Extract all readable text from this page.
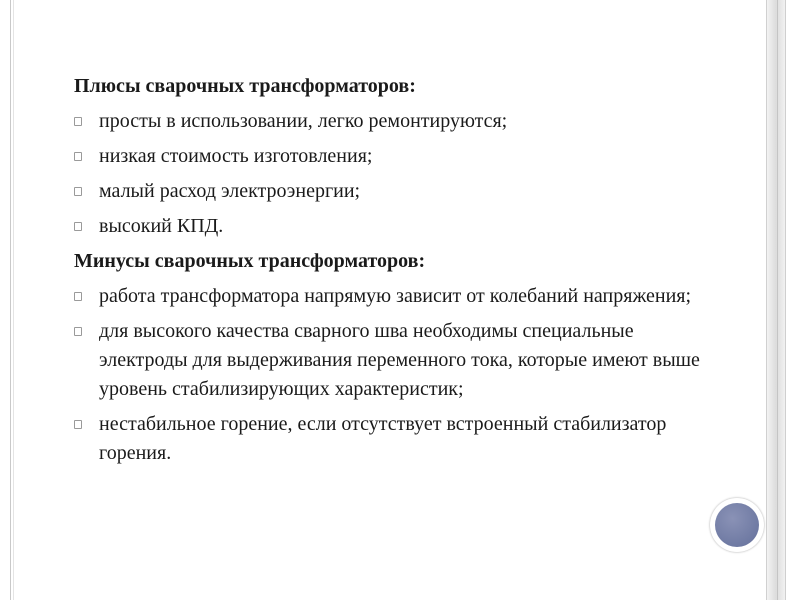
Плюсы сварочных трансформаторов:
просты в использовании, легко ремонтируются;
низкая стоимость изготовления;
малый расход электроэнергии;
высокий КПД.
Минусы сварочных трансформаторов:
работа трансформатора напрямую зависит от колебаний напряжения;
для высокого качества сварного шва необходимы специальные электроды для выдерживания переменного тока, которые имеют выше уровень стабилизирующих характеристик;
нестабильное горение, если отсутствует встроенный стабилизатор горения.
